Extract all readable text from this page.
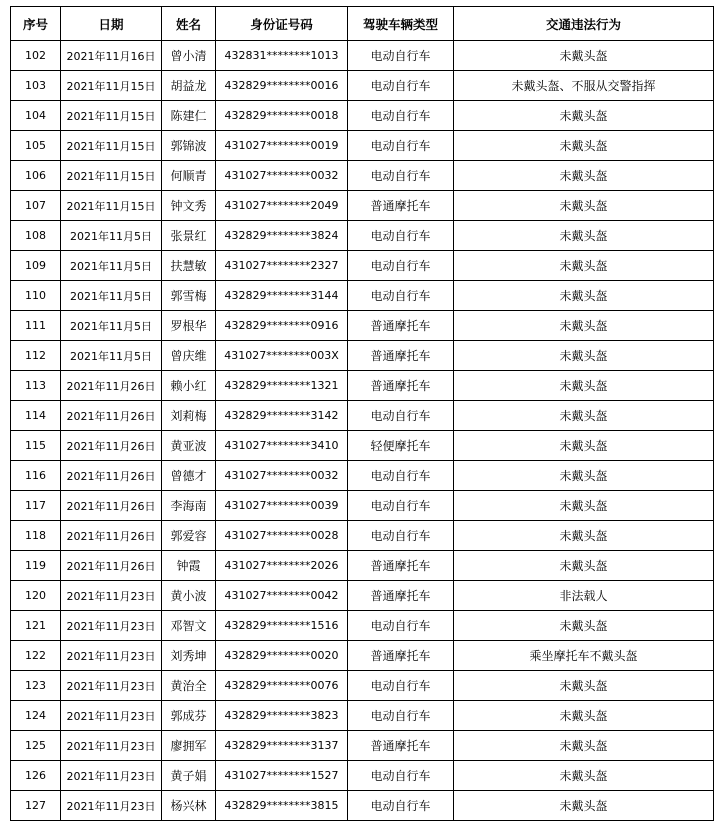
序号	日期	姓名	身份证号码	驾驶车辆类型	交通违法行为
102	2021年11月16日	曾小清	432831********1013	电动自行车	未戴头盔
103	2021年11月15日	胡益龙	432829********0016	电动自行车	未戴头盔、不服从交警指挥
104	2021年11月15日	陈建仁	432829********0018	电动自行车	未戴头盔
105	2021年11月15日	郭锦波	431027********0019	电动自行车	未戴头盔
106	2021年11月15日	何顺青	431027********0032	电动自行车	未戴头盔
107	2021年11月15日	钟文秀	431027********2049	普通摩托车	未戴头盔
108	2021年11月5日	张景红	432829********3824	电动自行车	未戴头盔
109	2021年11月5日	扶慧敏	431027********2327	电动自行车	未戴头盔
110	2021年11月5日	郭雪梅	432829********3144	电动自行车	未戴头盔
111	2021年11月5日	罗根华	432829********0916	普通摩托车	未戴头盔
112	2021年11月5日	曾庆维	431027********003X	普通摩托车	未戴头盔
113	2021年11月26日	赖小红	432829********1321	普通摩托车	未戴头盔
114	2021年11月26日	刘莉梅	432829********3142	电动自行车	未戴头盔
115	2021年11月26日	黄亚波	431027********3410	轻便摩托车	未戴头盔
116	2021年11月26日	曾德才	431027********0032	电动自行车	未戴头盔
117	2021年11月26日	李海南	431027********0039	电动自行车	未戴头盔
118	2021年11月26日	郭爱容	431027********0028	电动自行车	未戴头盔
119	2021年11月26日	钟霞	431027********2026	普通摩托车	未戴头盔
120	2021年11月23日	黄小波	431027********0042	普通摩托车	非法载人
121	2021年11月23日	邓智文	432829********1516	电动自行车	未戴头盔
122	2021年11月23日	刘秀坤	432829********0020	普通摩托车	乘坐摩托车不戴头盔
123	2021年11月23日	黄治全	432829********0076	电动自行车	未戴头盔
124	2021年11月23日	郭成芬	432829********3823	电动自行车	未戴头盔
125	2021年11月23日	廖拥军	432829********3137	普通摩托车	未戴头盔
126	2021年11月23日	黄子娟	431027********1527	电动自行车	未戴头盔
127	2021年11月23日	杨兴林	432829********3815	电动自行车	未戴头盔
